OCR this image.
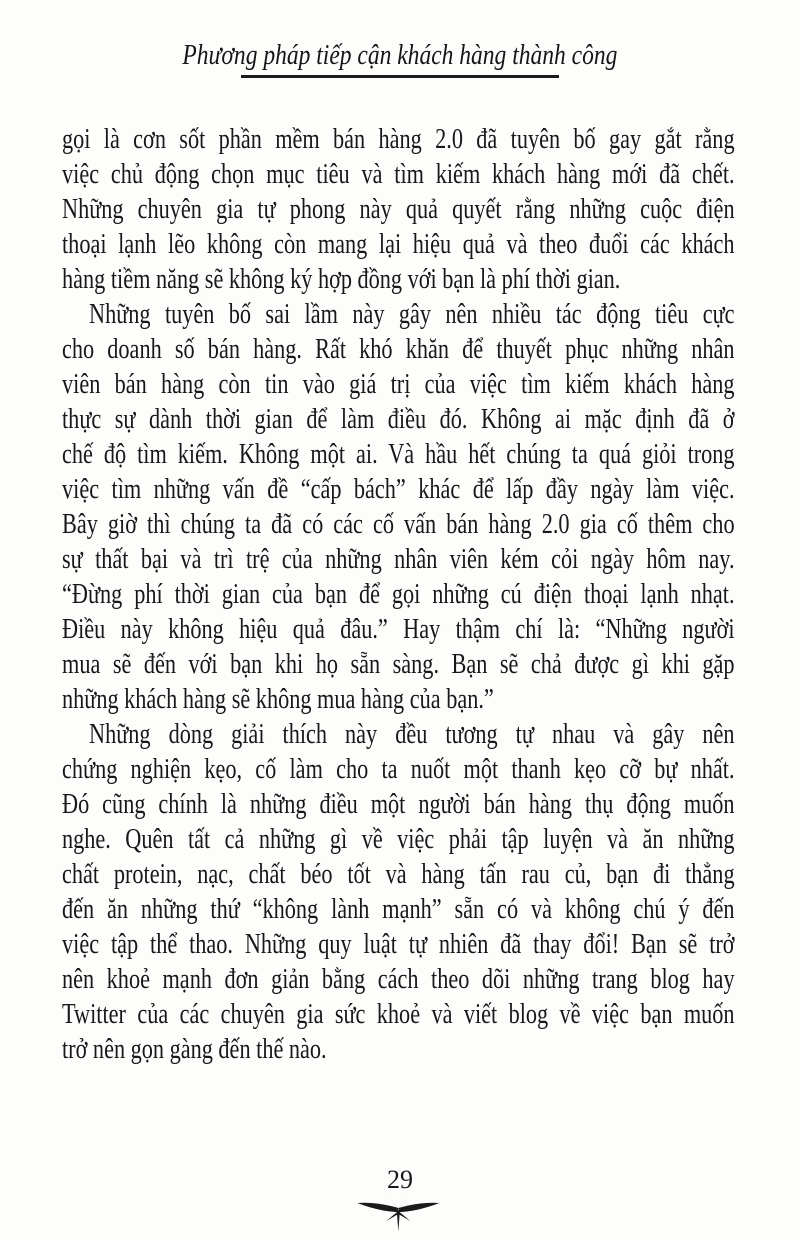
Phương pháp tiếp cận khách hàng thành công
gọi là cơn sốt phần mềm bán hàng 2.0 đã tuyên bố gay gắt rằng
việc chủ động chọn mục tiêu và tìm kiếm khách hàng mới đã chết.
Những chuyên gia tự phong này quả quyết rằng những cuộc điện
thoại lạnh lẽo không còn mang lại hiệu quả và theo đuổi các khách
hàng tiềm năng sẽ không ký hợp đồng với bạn là phí thời gian.
Những tuyên bố sai lầm này gây nên nhiều tác động tiêu cực
cho doanh số bán hàng. Rất khó khăn để thuyết phục những nhân
viên bán hàng còn tin vào giá trị của việc tìm kiếm khách hàng
thực sự dành thời gian để làm điều đó. Không ai mặc định đã ở
chế độ tìm kiếm. Không một ai. Và hầu hết chúng ta quá giỏi trong
việc tìm những vấn đề “cấp bách” khác để lấp đầy ngày làm việc.
Bây giờ thì chúng ta đã có các cố vấn bán hàng 2.0 gia cố thêm cho
sự thất bại và trì trệ của những nhân viên kém cỏi ngày hôm nay.
“Đừng phí thời gian của bạn để gọi những cú điện thoại lạnh nhạt.
Điều này không hiệu quả đâu.” Hay thậm chí là: “Những người
mua sẽ đến với bạn khi họ sẵn sàng. Bạn sẽ chả được gì khi gặp
những khách hàng sẽ không mua hàng của bạn.”
Những dòng giải thích này đều tương tự nhau và gây nên
chứng nghiện kẹo, cố làm cho ta nuốt một thanh kẹo cỡ bự nhất.
Đó cũng chính là những điều một người bán hàng thụ động muốn
nghe. Quên tất cả những gì về việc phải tập luyện và ăn những
chất protein, nạc, chất béo tốt và hàng tấn rau củ, bạn đi thẳng
đến ăn những thứ “không lành mạnh” sẵn có và không chú ý đến
việc tập thể thao. Những quy luật tự nhiên đã thay đổi! Bạn sẽ trở
nên khoẻ mạnh đơn giản bằng cách theo dõi những trang blog hay
Twitter của các chuyên gia sức khoẻ và viết blog về việc bạn muốn
trở nên gọn gàng đến thế nào.
29
